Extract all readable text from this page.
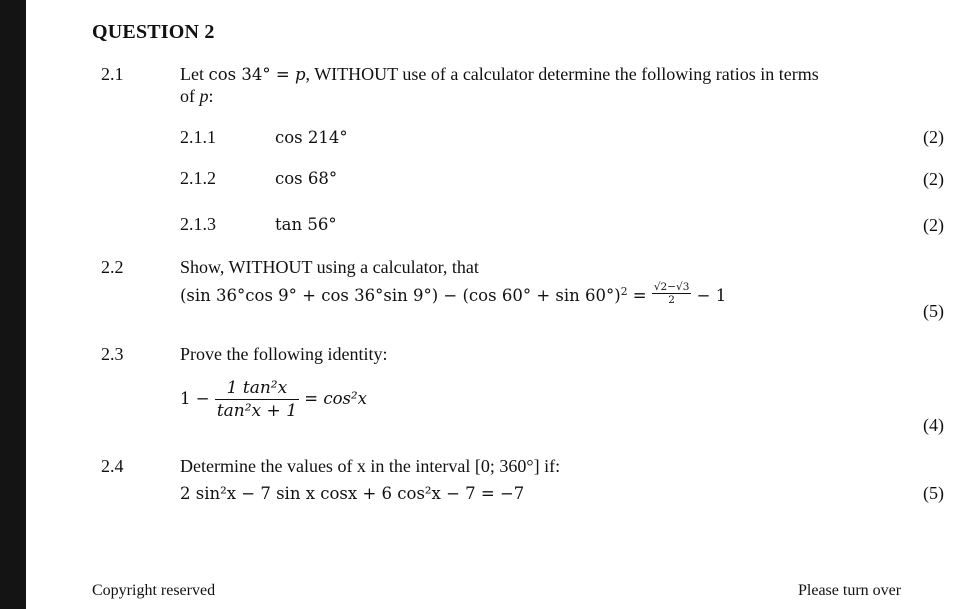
QUESTION 2
2.1	Let cos 34° = p, WITHOUT use of a calculator determine the following ratios in terms
of p:
2.1.1	cos 214°	(2)
2.1.2	cos 68°	(2)
2.1.3	tan 56°	(2)
2.2	Show, WITHOUT using a calculator, that
(sin 36°cos 9° + cos 36°sin 9°) − (cos $60^\circ + \sin 60^\circ)^2 = \frac{√2-√3}{2} - 1$
(5)
2.3	Prove the following identity:
$1 - \frac{\text{1 tan²x}}{\text{tan²x + 1}} = \cos^2x$
(4)
2.4	Determine the values of x in the interval [0; 360°] if:
2 sin²x − 7 sin x cosx + 6 cos²x − 7 = −7	(5)
Copyright reserved	Please turn over
